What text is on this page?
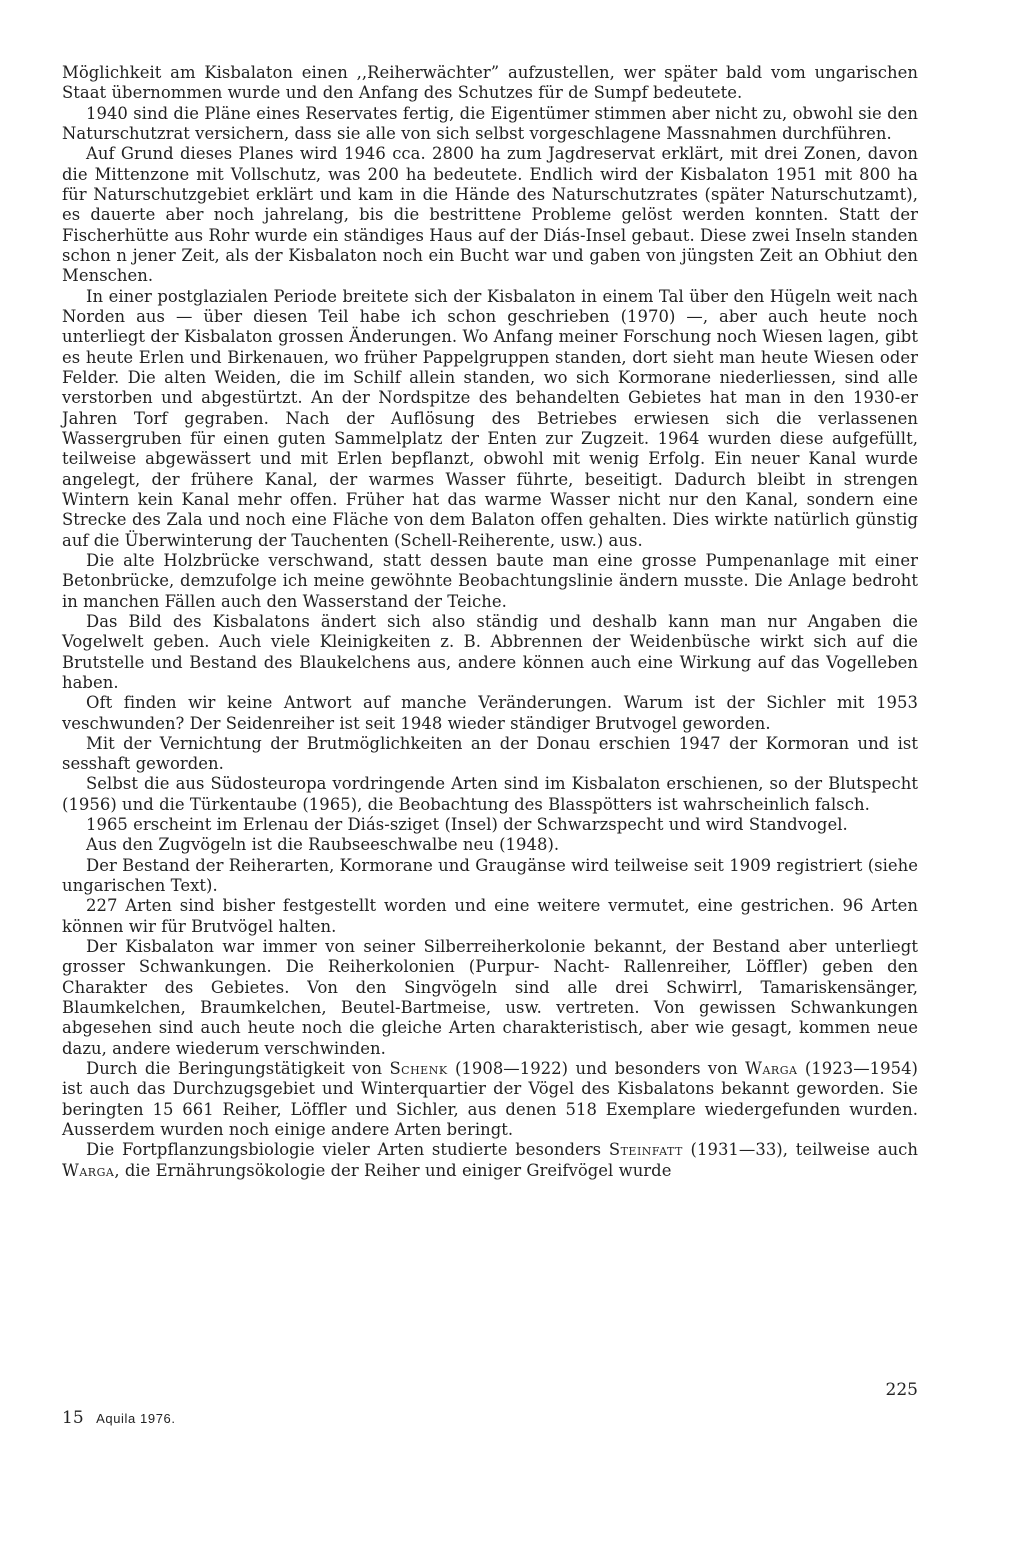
Möglichkeit am Kisbalaton einen ,,Reiherwächter” aufzustellen, wer später bald vom ungarischen Staat übernommen wurde und den Anfang des Schutzes für de Sumpf bedeutete.

1940 sind die Pläne eines Reservates fertig, die Eigentümer stimmen aber nicht zu, obwohl sie den Naturschutzrat versichern, dass sie alle von sich selbst vorgeschlagene Massnahmen durchführen.

Auf Grund dieses Planes wird 1946 cca. 2800 ha zum Jagdreservat erklärt, mit drei Zonen, davon die Mittenzone mit Vollschutz, was 200 ha bedeutete. Endlich wird der Kisbalaton 1951 mit 800 ha für Naturschutzgebiet erklärt und kam in die Hände des Naturschutzrates (später Naturschutzamt), es dauerte aber noch jahrelang, bis die bestrittene Probleme gelöst werden konnten. Statt der Fischerhütte aus Rohr wurde ein ständiges Haus auf der Diás-Insel gebaut. Diese zwei Inseln standen schon n jener Zeit, als der Kisbalaton noch ein Bucht war und gaben von jüngsten Zeit an Obhiut den Menschen.

In einer postglazialen Periode breitete sich der Kisbalaton in einem Tal über den Hügeln weit nach Norden aus — über diesen Teil habe ich schon geschrieben (1970) —, aber auch heute noch unterliegt der Kisbalaton grossen Änderungen. Wo Anfang meiner Forschung noch Wiesen lagen, gibt es heute Erlen und Birkenauen, wo früher Pappelgruppen standen, dort sieht man heute Wiesen oder Felder. Die alten Weiden, die im Schilf allein standen, wo sich Kormorane niederliessen, sind alle verstorben und abgestürtzt. An der Nordspitze des behandelten Gebietes hat man in den 1930-er Jahren Torf gegraben. Nach der Auflösung des Betriebes erwiesen sich die verlassenen Wassergruben für einen guten Sammelplatz der Enten zur Zugzeit. 1964 wurden diese aufgefüllt, teilweise abgewässert und mit Erlen bepflanzt, obwohl mit wenig Erfolg. Ein neuer Kanal wurde angelegt, der frühere Kanal, der warmes Wasser führte, beseitigt. Dadurch bleibt in strengen Wintern kein Kanal mehr offen. Früher hat das warme Wasser nicht nur den Kanal, sondern eine Strecke des Zala und noch eine Fläche von dem Balaton offen gehalten. Dies wirkte natürlich günstig auf die Überwinterung der Tauchenten (Schell-Reiherente, usw.) aus.

Die alte Holzbrücke verschwand, statt dessen baute man eine grosse Pumpenanlage mit einer Betonbrücke, demzufolge ich meine gewöhnte Beobachtungslinie ändern musste. Die Anlage bedroht in manchen Fällen auch den Wasserstand der Teiche.

Das Bild des Kisbalatons ändert sich also ständig und deshalb kann man nur Angaben die Vogelwelt geben. Auch viele Kleinigkeiten z. B. Abbrennen der Weidenbüsche wirkt sich auf die Brutstelle und Bestand des Blaukelchens aus, andere können auch eine Wirkung auf das Vogelleben haben.

Oft finden wir keine Antwort auf manche Veränderungen. Warum ist der Sichler mit 1953 veschwunden? Der Seidenreiher ist seit 1948 wieder ständiger Brutvogel geworden.

Mit der Vernichtung der Brutmöglichkeiten an der Donau erschien 1947 der Kormoran und ist sesshaft geworden.

Selbst die aus Südosteuropa vordringende Arten sind im Kisbalaton erschienen, so der Blutspecht (1956) und die Türkentaube (1965), die Beobachtung des Blasspötters ist wahrscheinlich falsch.

1965 erscheint im Erlenau der Diás-sziget (Insel) der Schwarzspecht und wird Standvogel.

Aus den Zugvögeln ist die Raubseeschwalbe neu (1948).

Der Bestand der Reiherarten, Kormorane und Graugänse wird teilweise seit 1909 registriert (siehe ungarischen Text).

227 Arten sind bisher festgestellt worden und eine weitere vermutet, eine gestrichen. 96 Arten können wir für Brutvögel halten.

Der Kisbalaton war immer von seiner Silberreiherkolonie bekannt, der Bestand aber unterliegt grosser Schwankungen. Die Reiherkolonien (Purpur- Nacht- Rallenreiher, Löffler) geben den Charakter des Gebietes. Von den Singvögeln sind alle drei Schwirrl, Tamariskensänger, Blaumkelchen, Braumkelchen, Beutel-Bartmeise, usw. vertreten. Von gewissen Schwankungen abgesehen sind auch heute noch die gleiche Arten charakteristisch, aber wie gesagt, kommen neue dazu, andere wiederum verschwinden.

Durch die Beringungstätigkeit von Schenk (1908—1922) und besonders von Warga (1923—1954) ist auch das Durchzugsgebiet und Winterquartier der Vögel des Kisbalatons bekannt geworden. Sie beringten 15 661 Reiher, Löffler und Sichler, aus denen 518 Exemplare wiedergefunden wurden. Ausserdem wurden noch einige andere Arten beringt.

Die Fortpflanzungsbiologie vieler Arten studierte besonders Steinfatt (1931—33), teilweise auch Warga, die Ernährungsökologie der Reiher und einiger Greifvögel wurde

225
15 Aquila 1976.
